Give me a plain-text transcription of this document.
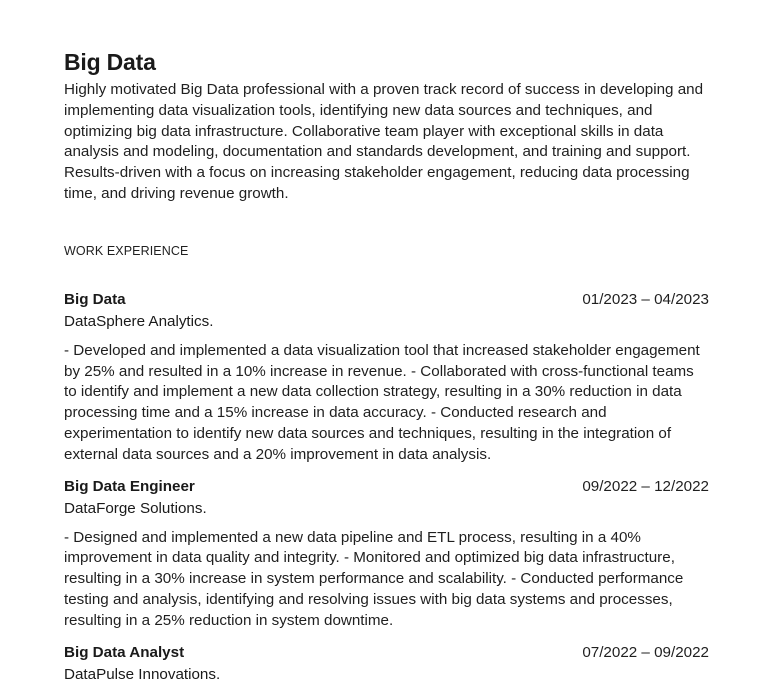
Big Data

Highly motivated Big Data professional with a proven track record of success in developing and implementing data visualization tools, identifying new data sources and techniques, and optimizing big data infrastructure. Collaborative team player with exceptional skills in data analysis and modeling, documentation and standards development, and training and support. Results-driven with a focus on increasing stakeholder engagement, reducing data processing time, and driving revenue growth.

WORK EXPERIENCE
Big Data	01/2023 – 04/2023
DataSphere Analytics.

- Developed and implemented a data visualization tool that increased stakeholder engagement by 25% and resulted in a 10% increase in revenue. - Collaborated with cross-functional teams to identify and implement a new data collection strategy, resulting in a 30% reduction in data processing time and a 15% increase in data accuracy. - Conducted research and experimentation to identify new data sources and techniques, resulting in the integration of external data sources and a 20% improvement in data analysis.

Big Data Engineer	09/2022 – 12/2022
DataForge Solutions.

- Designed and implemented a new data pipeline and ETL process, resulting in a 40% improvement in data quality and integrity. - Monitored and optimized big data infrastructure, resulting in a 30% increase in system performance and scalability. - Conducted performance testing and analysis, identifying and resolving issues with big data systems and processes, resulting in a 25% reduction in system downtime.

Big Data Analyst	07/2022 – 09/2022
DataPulse Innovations.
